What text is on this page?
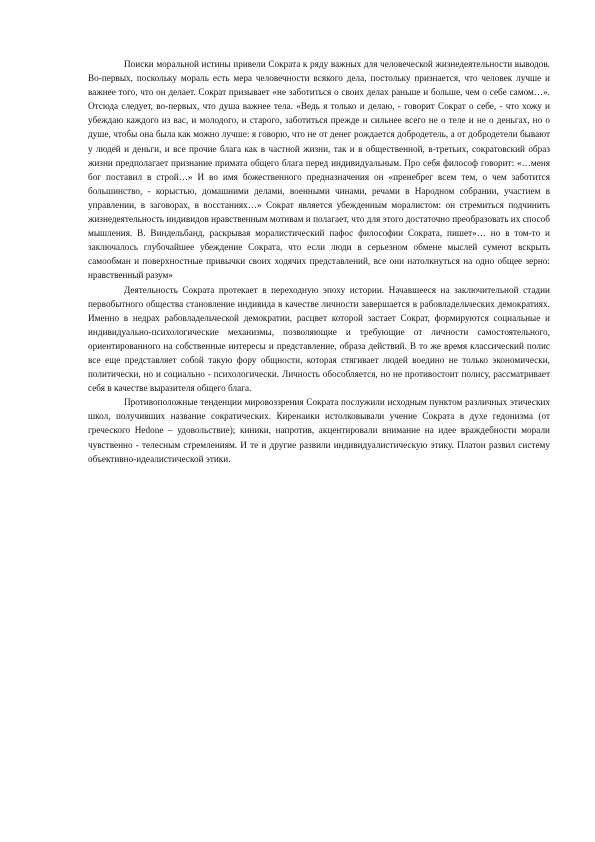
Поиски моральной истины привели Сократа к ряду важных для человеческой жизнедеятельности выводов. Во-первых, поскольку мораль есть мера человечности всякого дела, постольку признается, что человек лучше и важнее того, что он делает. Сократ призывает «не заботиться о своих делах раньше и больше, чем о себе самом…». Отсюда следует, во-первых, что душа важнее тела. «Ведь я только и делаю, - говорит Сократ о себе, - что хожу и убеждаю каждого из вас, и молодого, и старого, заботиться прежде и сильнее всего не о теле и не о деньгах, но о душе, чтобы она была как можно лучше: я говорю, что не от денег рождается добродетель, а от добродетели бывают у людей и деньги, и все прочие блага как в частной жизни, так и в общественной, в-третьих, сократовский образ жизни предполагает признание примата общего блага перед индивидуальным. Про себя философ говорит: «…меня бог поставил в строй…» И во имя божественного предназначения он «пренебрег всем тем, о чем заботится большинство, - корыстью, домашними делами, военными чинами, речами в Народном собрании, участием в управлении, в заговорах, в восстаниях…» Сократ является убежденным моралистом: он стремиться подчинить жизнедеятельность индивидов нравственным мотивам и полагает, что для этого достаточно преобразовать их способ мышления. В. Виндельбанд, раскрывая моралистический пафос философии Сократа, пишет»… но в том-то и заключалось глубочайшее убеждение Сократа, что если люди в серьезном обмене мыслей сумеют вскрыть самообман и поверхностные привычки своих ходячих представлений, все они натолкнуться на одно общее зерно: нравственный разум»

Деятельность Сократа протекает в переходную эпоху истории. Начавшееся на заключительной стадии первобытного общества становление индивида в качестве личности завершается в рабовладельческих демократиях. Именно в недрах рабовладельческой демократии, расцвет которой застает Сократ, формируются социальные и индивидуально-психологические механизмы, позволяющие и требующие от личности самостоятельного, ориентированного на собственные интересы и представление, образа действий. В то же время классический полис все еще представляет собой такую фору общности, которая стягивает людей воедино не только экономически, политически, но и социально - психологически. Личность обособляется, но не противостоит полису, рассматривает себя в качестве выразителя общего блага.

Противоположные тенденции мировоззрения Сократа послужили исходным пунктом различных этических школ, получивших название сократических. Киренаики истолковывали учение Сократа в духе гедонизма (от греческого Hedonе – удовольствие); киники, напротив, акцентировали внимание на идее враждебности морали чувственно - телесным стремлениям. И те и другие развили индивидуалистическую этику. Платон развил систему объективно-идеалистической этики.
